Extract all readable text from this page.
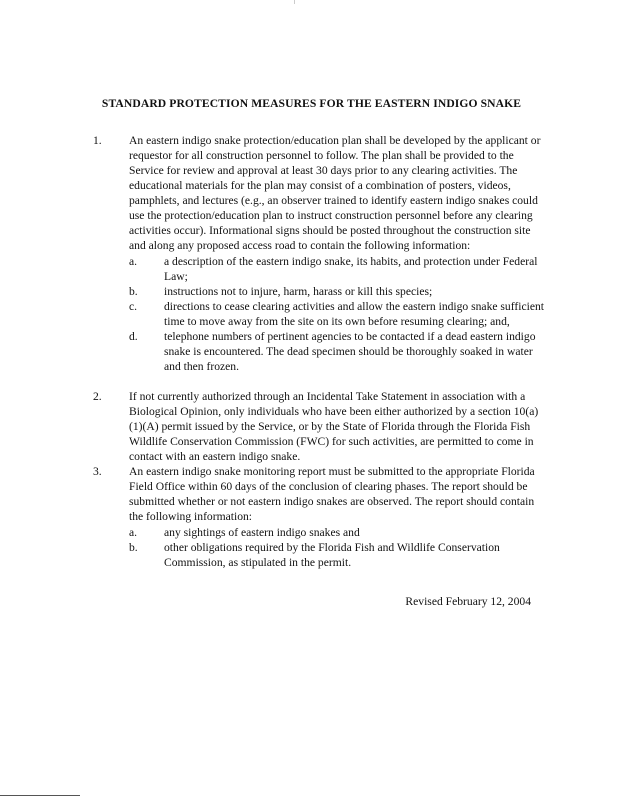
STANDARD PROTECTION MEASURES FOR THE EASTERN INDIGO SNAKE
1. An eastern indigo snake protection/education plan shall be developed by the applicant or requestor for all construction personnel to follow. The plan shall be provided to the Service for review and approval at least 30 days prior to any clearing activities. The educational materials for the plan may consist of a combination of posters, videos, pamphlets, and lectures (e.g., an observer trained to identify eastern indigo snakes could use the protection/education plan to instruct construction personnel before any clearing activities occur). Informational signs should be posted throughout the construction site and along any proposed access road to contain the following information:
a. a description of the eastern indigo snake, its habits, and protection under Federal Law;
b. instructions not to injure, harm, harass or kill this species;
c. directions to cease clearing activities and allow the eastern indigo snake sufficient time to move away from the site on its own before resuming clearing; and,
d. telephone numbers of pertinent agencies to be contacted if a dead eastern indigo snake is encountered. The dead specimen should be thoroughly soaked in water and then frozen.
2. If not currently authorized through an Incidental Take Statement in association with a Biological Opinion, only individuals who have been either authorized by a section 10(a)(1)(A) permit issued by the Service, or by the State of Florida through the Florida Fish Wildlife Conservation Commission (FWC) for such activities, are permitted to come in contact with an eastern indigo snake.
3. An eastern indigo snake monitoring report must be submitted to the appropriate Florida Field Office within 60 days of the conclusion of clearing phases. The report should be submitted whether or not eastern indigo snakes are observed. The report should contain the following information:
a. any sightings of eastern indigo snakes and
b. other obligations required by the Florida Fish and Wildlife Conservation Commission, as stipulated in the permit.
Revised February 12, 2004
